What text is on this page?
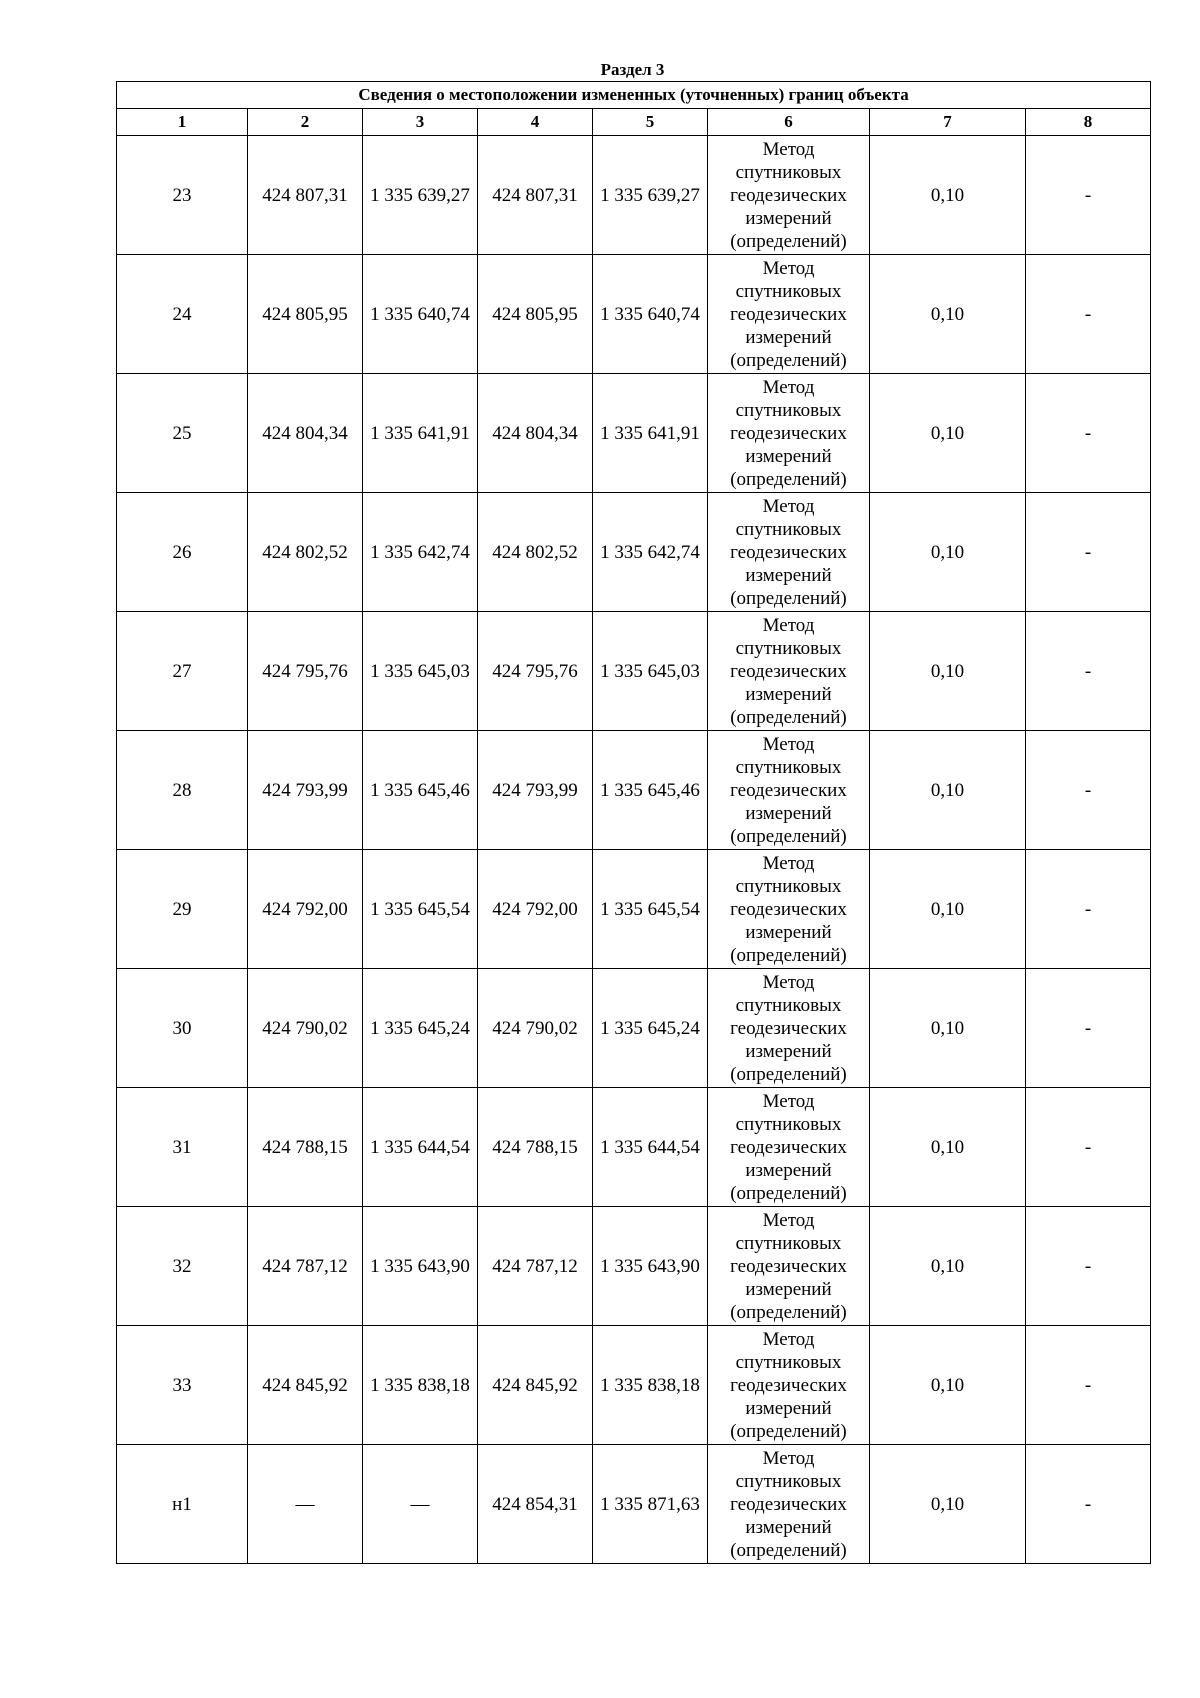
Раздел 3
Сведения о местоположении измененных (уточненных) границ объекта							
1	2	3	4	5	6	7	8
23	424 807,31	1 335 639,27	424 807,31	1 335 639,27	Метод
спутниковых
геодезических
измерений
(определений)	0,10	-
24	424 805,95	1 335 640,74	424 805,95	1 335 640,74	Метод
спутниковых
геодезических
измерений
(определений)	0,10	-
25	424 804,34	1 335 641,91	424 804,34	1 335 641,91	Метод
спутниковых
геодезических
измерений
(определений)	0,10	-
26	424 802,52	1 335 642,74	424 802,52	1 335 642,74	Метод
спутниковых
геодезических
измерений
(определений)	0,10	-
27	424 795,76	1 335 645,03	424 795,76	1 335 645,03	Метод
спутниковых
геодезических
измерений
(определений)	0,10	-
28	424 793,99	1 335 645,46	424 793,99	1 335 645,46	Метод
спутниковых
геодезических
измерений
(определений)	0,10	-
29	424 792,00	1 335 645,54	424 792,00	1 335 645,54	Метод
спутниковых
геодезических
измерений
(определений)	0,10	-
30	424 790,02	1 335 645,24	424 790,02	1 335 645,24	Метод
спутниковых
геодезических
измерений
(определений)	0,10	-
31	424 788,15	1 335 644,54	424 788,15	1 335 644,54	Метод
спутниковых
геодезических
измерений
(определений)	0,10	-
32	424 787,12	1 335 643,90	424 787,12	1 335 643,90	Метод
спутниковых
геодезических
измерений
(определений)	0,10	-
33	424 845,92	1 335 838,18	424 845,92	1 335 838,18	Метод
спутниковых
геодезических
измерений
(определений)	0,10	-
н1	—	—	424 854,31	1 335 871,63	Метод
спутниковых
геодезических
измерений
(определений)	0,10	-
